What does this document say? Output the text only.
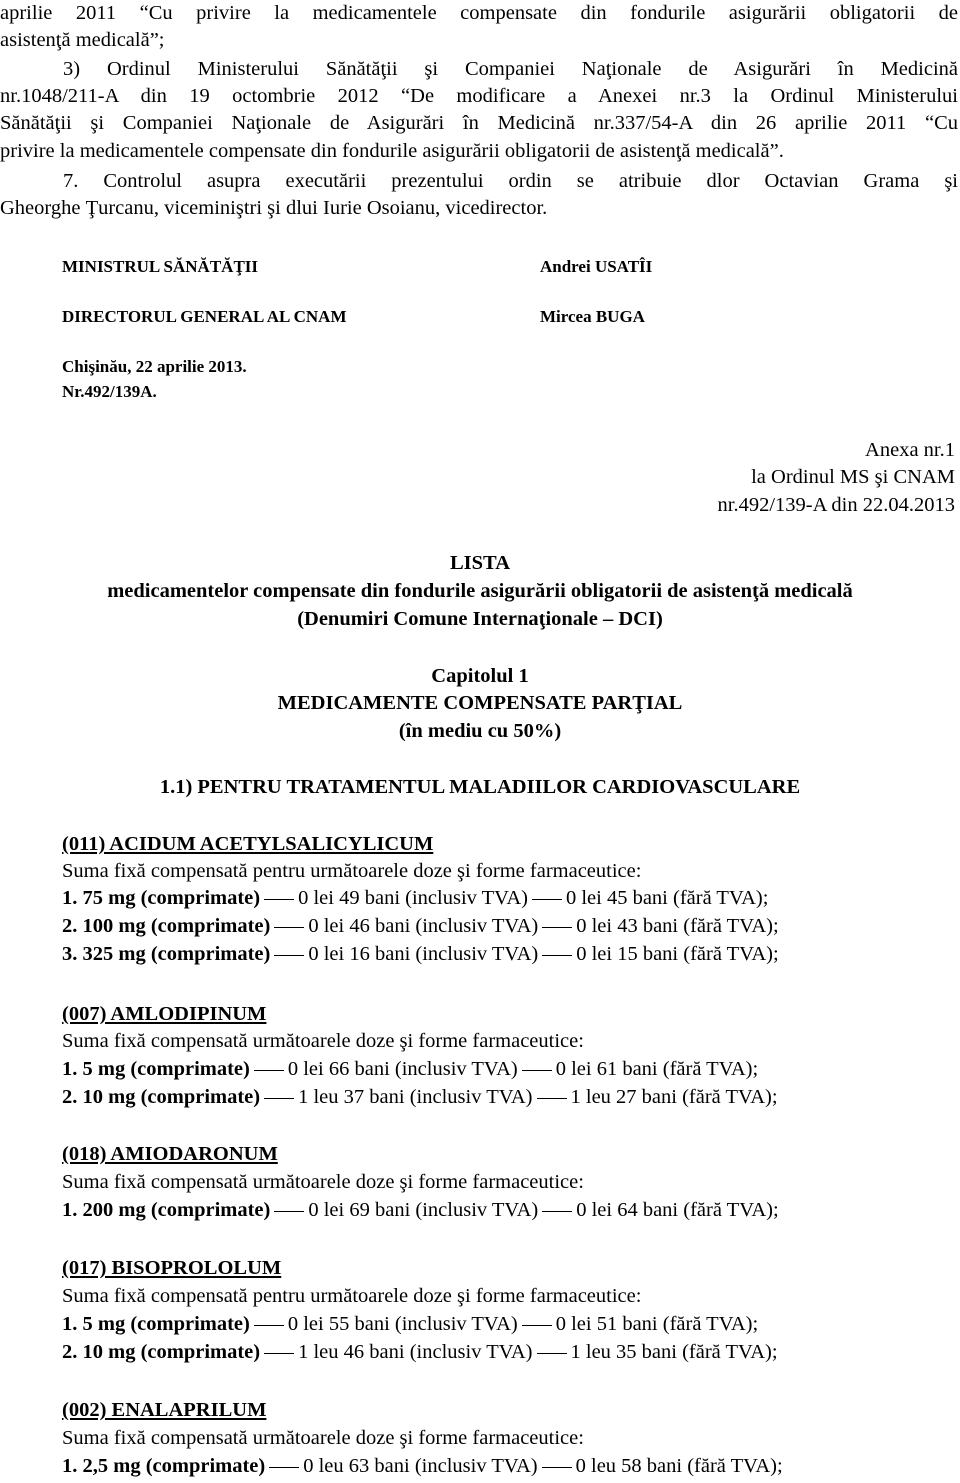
aprilie 2011 “Cu privire la medicamentele compensate din fondurile asigurării obligatorii de
asistenţă medicală”;
3) Ordinul Ministerului Sănătăţii şi Companiei Naţionale de Asigurări în Medicină
nr.1048/211-A din 19 octombrie 2012 “De modificare a Anexei nr.3 la Ordinul Ministerului
Sănătăţii şi Companiei Naţionale de Asigurări în Medicină nr.337/54-A din 26 aprilie 2011 “Cu
privire la medicamentele compensate din fondurile asigurării obligatorii de asistenţă medicală”.
7. Controlul asupra executării prezentului ordin se atribuie dlor Octavian Grama şi
Gheorghe Ţurcanu, viceminiştri şi dlui Iurie Osoianu, vicedirector.
MINISTRUL SĂNĂTĂŢII	Andrei USATÎI
DIRECTORUL GENERAL AL CNAM	Mircea BUGA
Chişinău, 22 aprilie 2013.
Nr.492/139A.
Anexa nr.1
la Ordinul MS şi CNAM
nr.492/139-A din 22.04.2013
LISTA
medicamentelor compensate din fondurile asigurării obligatorii de asistenţă medicală
(Denumiri Comune Internaţionale – DCI)
Capitolul 1
MEDICAMENTE COMPENSATE PARŢIAL
(în mediu cu 50%)
1.1) PENTRU TRATAMENTUL MALADIILOR CARDIOVASCULARE
(011) ACIDUM ACETYLSALICYLICUM
Suma fixă compensată pentru următoarele doze şi forme farmaceutice:
1. 75 mg (comprimate) 0 lei 49 bani (inclusiv TVA) 0 lei 45 bani (fără TVA);
2. 100 mg (comprimate) 0 lei 46 bani (inclusiv TVA) 0 lei 43 bani (fără TVA);
3. 325 mg (comprimate) 0 lei 16 bani (inclusiv TVA) 0 lei 15 bani (fără TVA);
(007) AMLODIPINUM
Suma fixă compensată următoarele doze şi forme farmaceutice:
1. 5 mg (comprimate) 0 lei 66 bani (inclusiv TVA) 0 lei 61 bani (fără TVA);
2. 10 mg (comprimate) 1 leu 37 bani (inclusiv TVA) 1 leu 27 bani (fără TVA);
(018) AMIODARONUM
Suma fixă compensată următoarele doze şi forme farmaceutice:
1. 200 mg (comprimate) 0 lei 69 bani (inclusiv TVA) 0 lei 64 bani (fără TVA);
(017) BISOPROLOLUM
Suma fixă compensată pentru următoarele doze şi forme farmaceutice:
1. 5 mg (comprimate) 0 lei 55 bani (inclusiv TVA) 0 lei 51 bani (fără TVA);
2. 10 mg (comprimate) 1 leu 46 bani (inclusiv TVA) 1 leu 35 bani (fără TVA);
(002) ENALAPRILUM
Suma fixă compensată următoarele doze şi forme farmaceutice:
1. 2,5 mg (comprimate) 0 leu 63 bani (inclusiv TVA) 0 leu 58 bani (fără TVA);
